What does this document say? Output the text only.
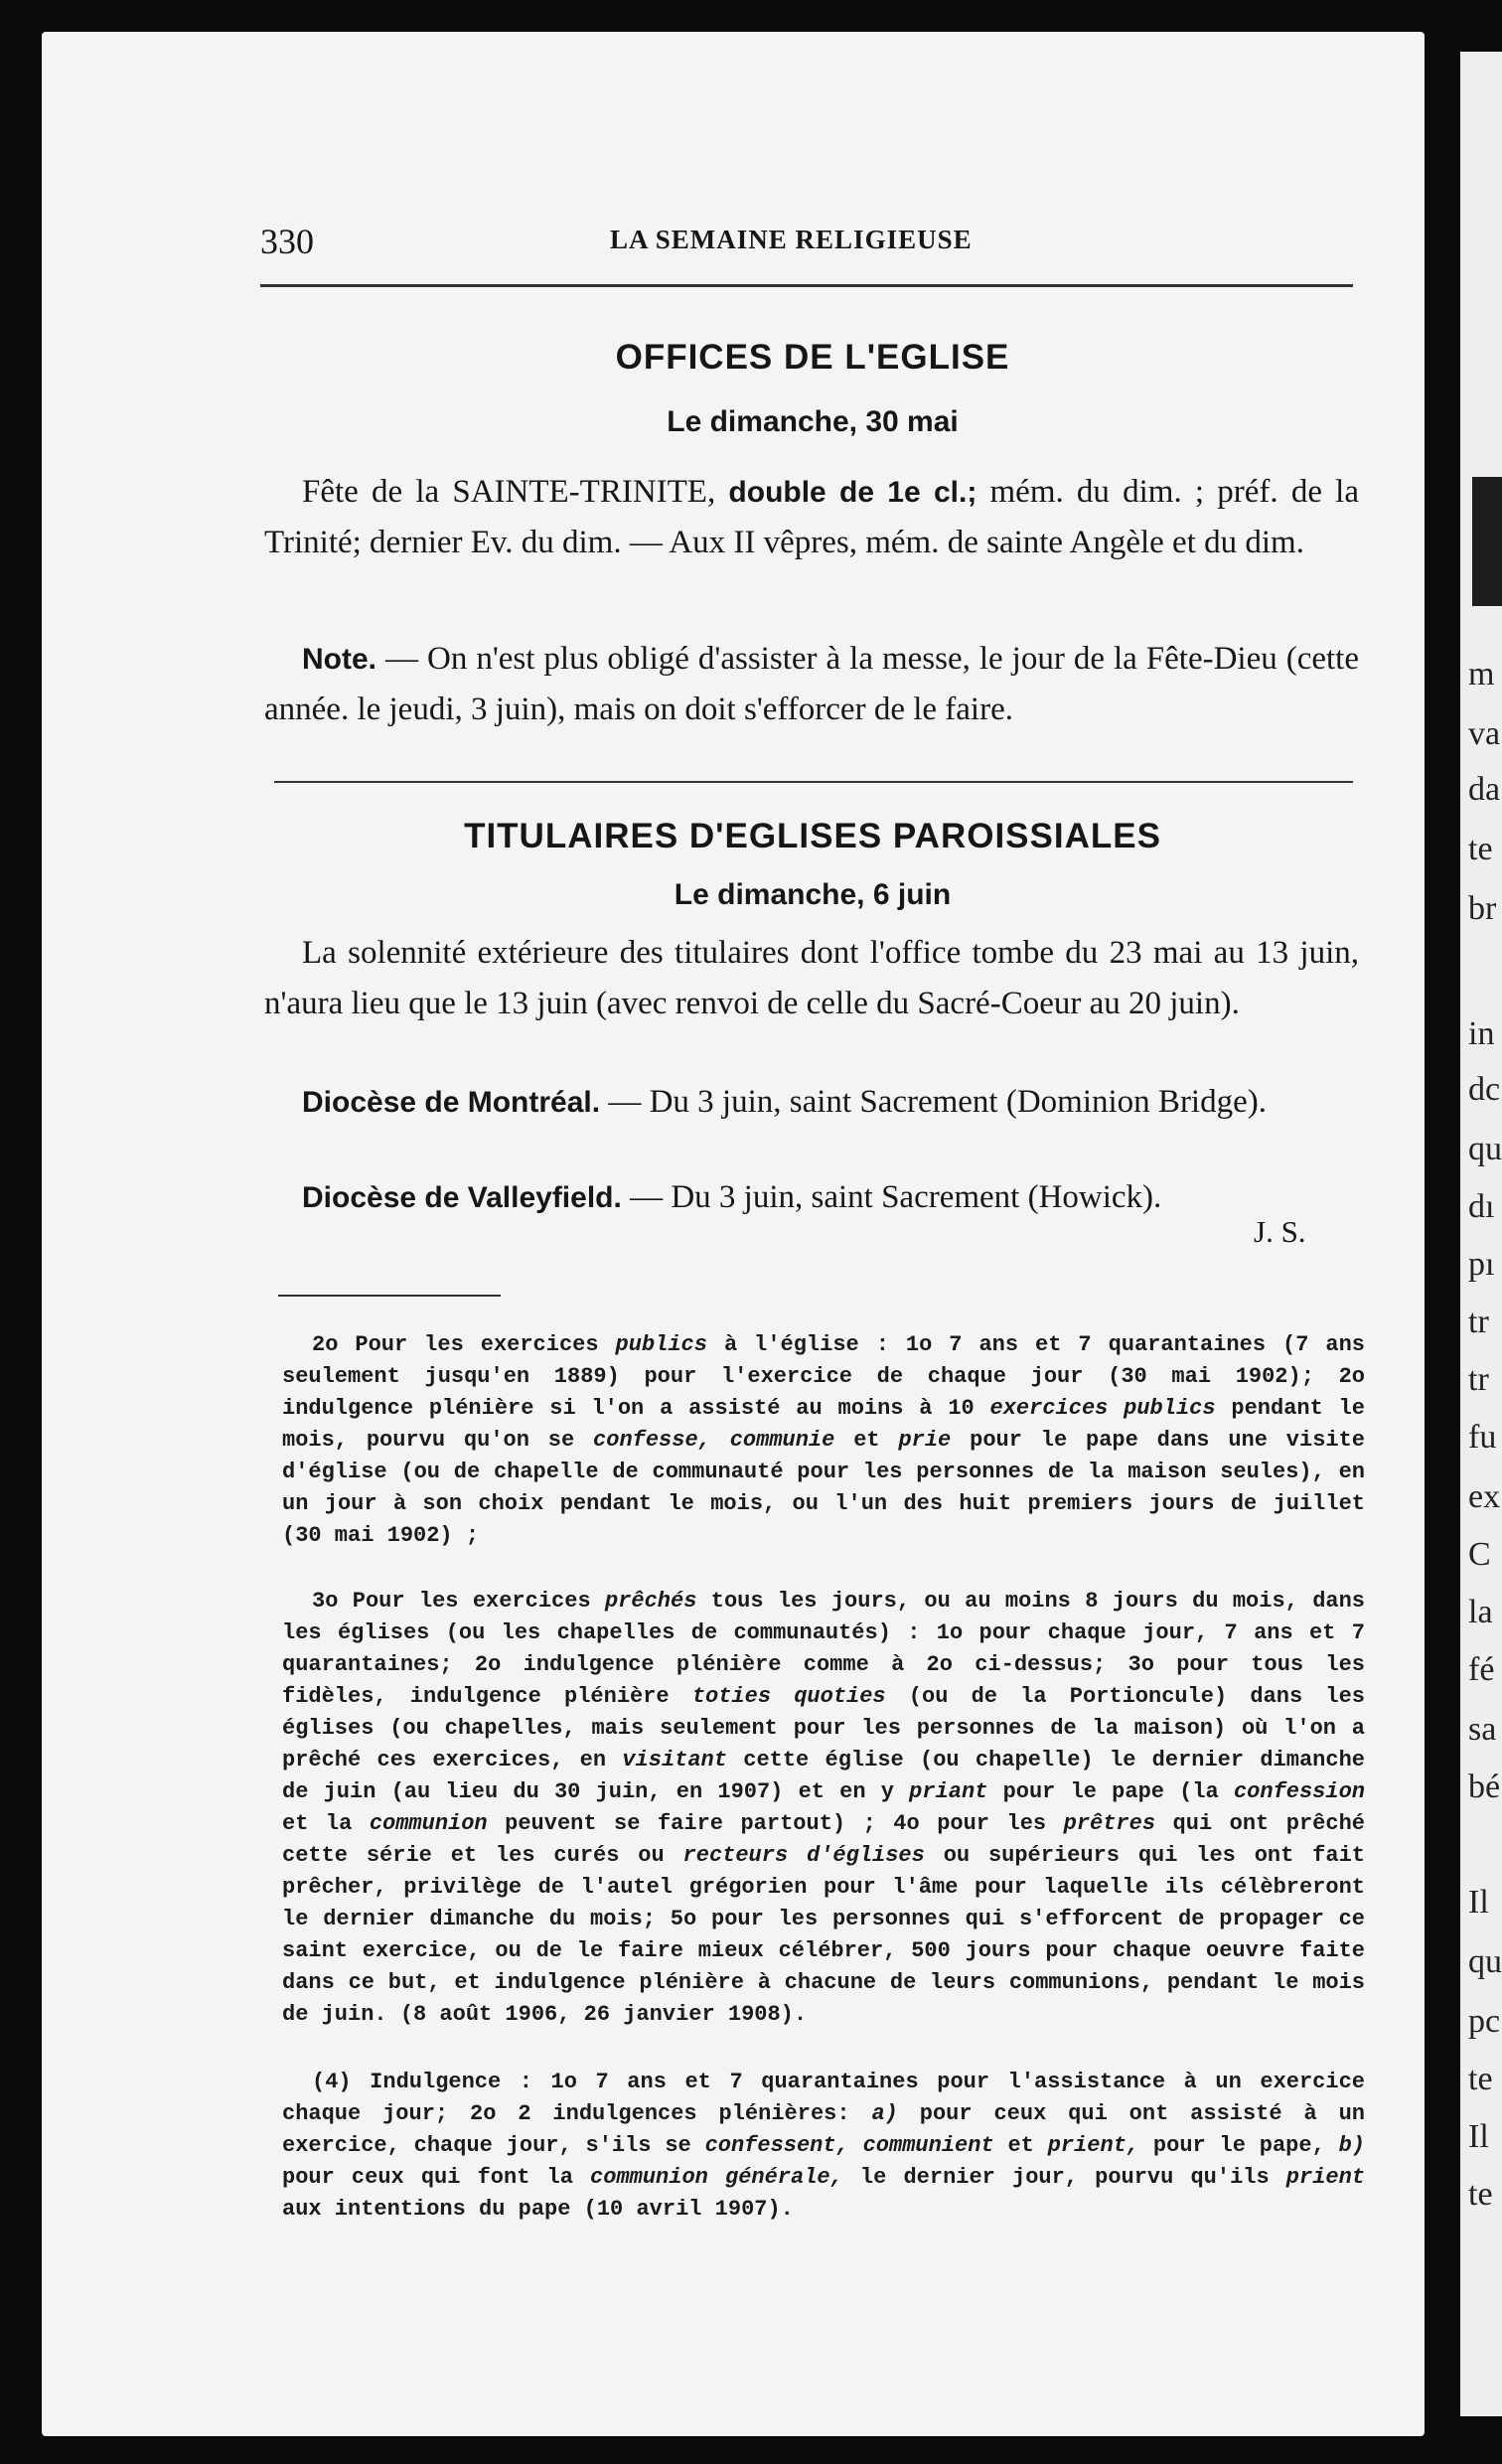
m
va
da
te
br
in
dc
qu
dı
pı
tr
tr
fu
ex
C
la
fé
sa
bé
Il
qu
pc
te
Il
te
330	LA SEMAINE RELIGIEUSE
OFFICES DE L'EGLISE
Le dimanche, 30 mai

Fête de la SAINTE-TRINITE, double de 1e cl.; mém. du dim. ; préf. de la Trinité; dernier Ev. du dim. — Aux II vêpres, mém. de sainte Angèle et du dim.

Note. — On n'est plus obligé d'assister à la messe, le jour de la Fête-Dieu (cette année. le jeudi, 3 juin), mais on doit s'efforcer de le faire.

TITULAIRES D'EGLISES PAROISSIALES
Le dimanche, 6 juin

La solennité extérieure des titulaires dont l'office tombe du 23 mai au 13 juin, n'aura lieu que le 13 juin (avec renvoi de celle du Sacré-Coeur au 20 juin).

Diocèse de Montréal. — Du 3 juin, saint Sacrement (Dominion Bridge).

Diocèse de Valleyfield. — Du 3 juin, saint Sacrement (Howick).

J. S.

2o Pour les exercices publics à l'église : 1o 7 ans et 7 quarantaines (7 ans seulement jusqu'en 1889) pour l'exercice de chaque jour (30 mai 1902); 2o indulgence plénière si l'on a assisté au moins à 10 exercices publics pendant le mois, pourvu qu'on se confesse, communie et prie pour le pape dans une visite d'église (ou de chapelle de communauté pour les personnes de la maison seules), en un jour à son choix pendant le mois, ou l'un des huit premiers jours de juillet (30 mai 1902) ;

3o Pour les exercices prêchés tous les jours, ou au moins 8 jours du mois, dans les églises (ou les chapelles de communautés) : 1o pour chaque jour, 7 ans et 7 quarantaines; 2o indulgence plénière comme à 2o ci-dessus; 3o pour tous les fidèles, indulgence plénière toties quoties (ou de la Portioncule) dans les églises (ou chapelles, mais seulement pour les personnes de la maison) où l'on a prêché ces exercices, en visitant cette église (ou chapelle) le dernier dimanche de juin (au lieu du 30 juin, en 1907) et en y priant pour le pape (la confession et la communion peuvent se faire partout) ; 4o pour les prêtres qui ont prêché cette série et les curés ou recteurs d'églises ou supérieurs qui les ont fait prêcher, privilège de l'autel grégorien pour l'âme pour laquelle ils célèbreront le dernier dimanche du mois; 5o pour les personnes qui s'efforcent de propager ce saint exercice, ou de le faire mieux célébrer, 500 jours pour chaque oeuvre faite dans ce but, et indulgence plénière à chacune de leurs communions, pendant le mois de juin. (8 août 1906, 26 janvier 1908).

(4) Indulgence : 1o 7 ans et 7 quarantaines pour l'assistance à un exercice chaque jour; 2o 2 indulgences plénières: a) pour ceux qui ont assisté à un exercice, chaque jour, s'ils se confessent, communient et prient, pour le pape, b) pour ceux qui font la communion générale, le dernier jour, pourvu qu'ils prient aux intentions du pape (10 avril 1907).
